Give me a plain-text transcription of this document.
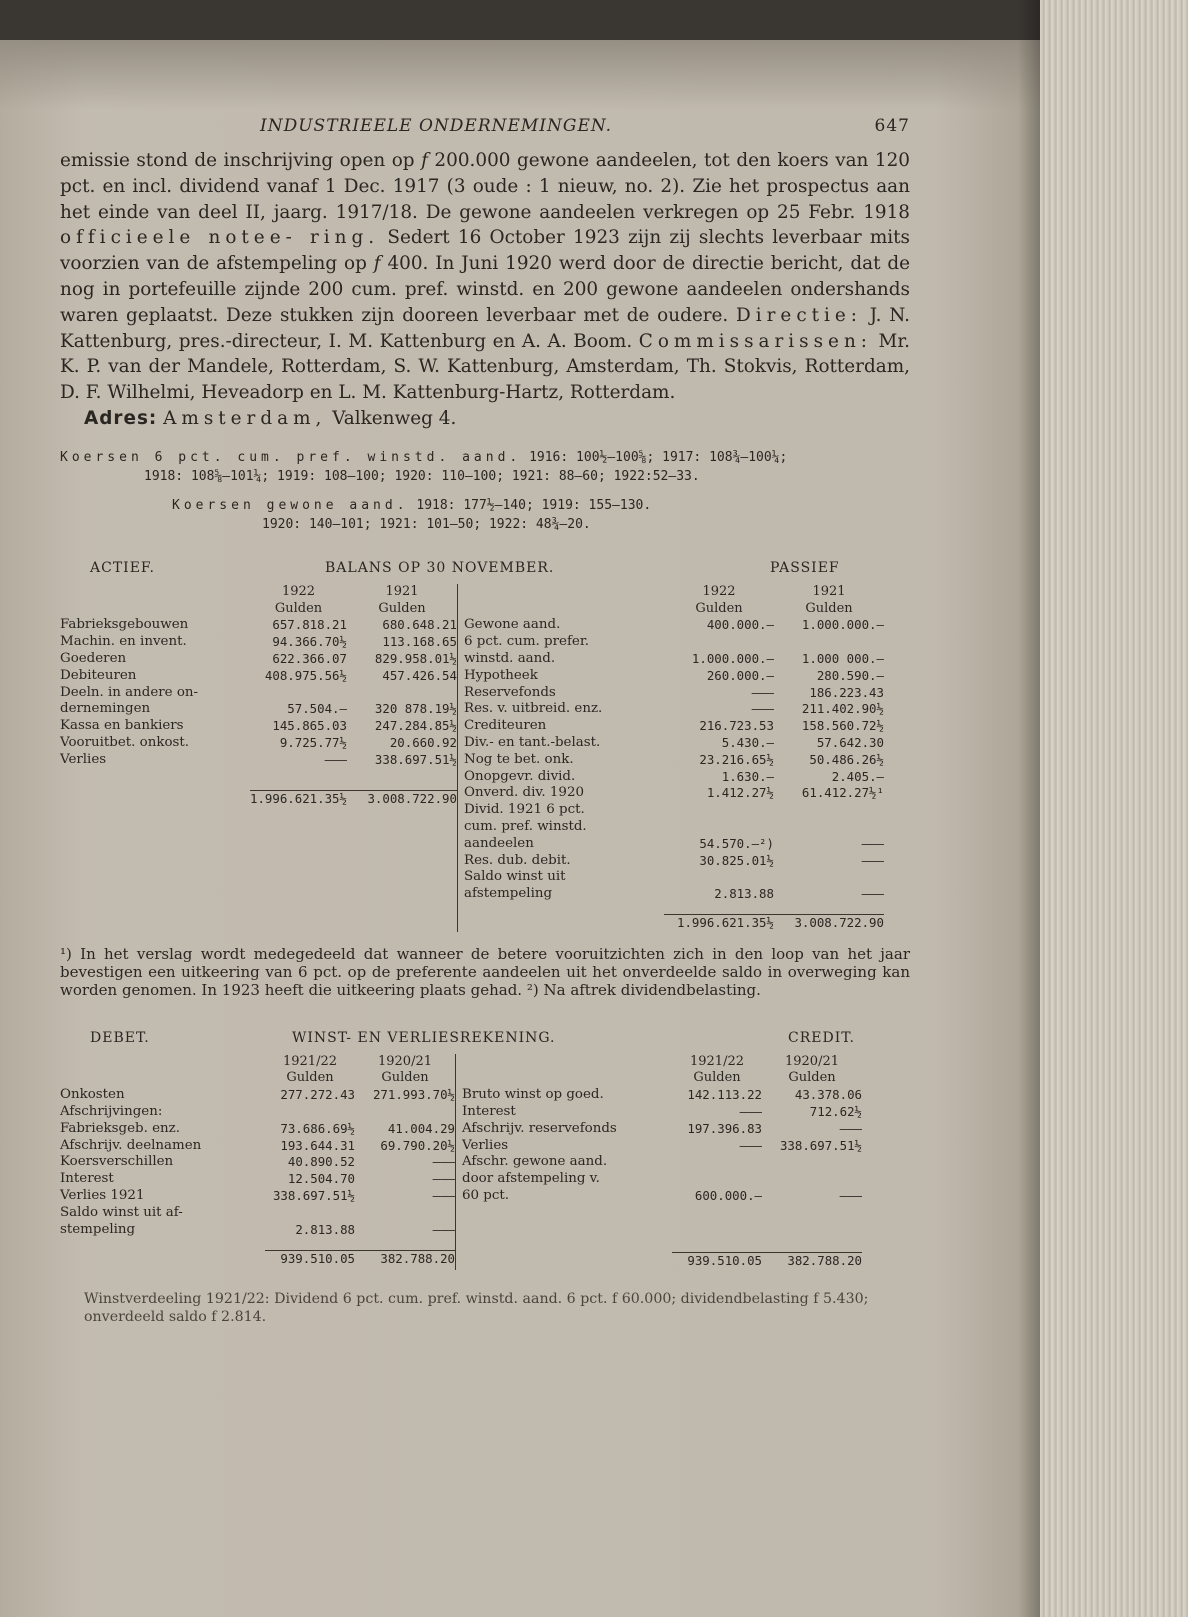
INDUSTRIEELE ONDERNEMINGEN.	647

emissie stond de inschrijving open op f 200.000 gewone aandeelen, tot den koers van 120 pct. en incl. dividend vanaf 1 Dec. 1917 (3 oude : 1 nieuw, no. 2). Zie het prospectus aan het einde van deel II, jaarg. 1917/18. De gewone aandeelen verkregen op 25 Febr. 1918 officieele notee- ring. Sedert 16 October 1923 zijn zij slechts leverbaar mits voorzien van de afstempeling op f 400. In Juni 1920 werd door de directie bericht, dat de nog in portefeuille zijnde 200 cum. pref. winstd. en 200 gewone aandeelen ondershands waren geplaatst. Deze stukken zijn dooreen leverbaar met de oudere. Directie: J. N. Kattenburg, pres.-directeur, I. M. Kattenburg en A. A. Boom. Commissarissen: Mr. K. P. van der Mandele, Rotterdam, S. W. Kattenburg, Amsterdam, Th. Stokvis, Rotterdam, D. F. Wilhelmi, Heveadorp en L. M. Kattenburg-Hartz, Rotterdam.

Adres: Amsterdam, Valkenweg 4.

Koersen 6 pct. cum. pref. winstd. aand. 1916: 100½—100⅝; 1917: 108¾—100¼;
1918: 108⅝—101¼; 1919: 108—100; 1920: 110—100; 1921: 88—60; 1922:52—33.
Koersen gewone aand. 1918: 177½—140; 1919: 155—130.
1920: 140—101; 1921: 101—50; 1922: 48¾—20.
ACTIEF.	BALANS OP 30 NOVEMBER.	PASSIEF
	1922	1921
	Gulden	Gulden
Fabrieksgebouwen	657.818.21	680.648.21
Machin. en invent.	94.366.70½	113.168.65
Goederen	622.366.07	829.958.01½
Debiteuren	408.975.56½	457.426.54
Deeln. in andere on-		
dernemingen	57.504.—	320 878.19½
Kassa en bankiers	145.865.03	247.284.85½
Vooruitbet. onkost.	9.725.77½	20.660.92
Verlies	———	338.697.51½

	1.996.621.35½	3.008.722.90

	1922	1921
	Gulden	Gulden
Gewone aand.	400.000.—	1.000.000.—
6 pct. cum. prefer.		
winstd. aand.	1.000.000.—	1.000 000.—
Hypotheek	260.000.—	280.590.—
Reservefonds	———	186.223.43
Res. v. uitbreid. enz.	———	211.402.90½
Crediteuren	216.723.53	158.560.72½
Div.- en tant.-belast.	5.430.—	57.642.30
Nog te bet. onk.	23.216.65½	50.486.26½
Onopgevr. divid.	1.630.—	2.405.—
Onverd. div. 1920	1.412.27½	61.412.27½¹
Divid. 1921 6 pct.		
cum. pref. winstd.		
aandeelen	54.570.—²)	———
Res. dub. debit.	30.825.01½	———
Saldo winst uit		
afstempeling	2.813.88	———

	1.996.621.35½	3.008.722.90
¹) In het verslag wordt medegedeeld dat wanneer de betere vooruitzichten zich in den loop van het jaar bevestigen een uitkeering van 6 pct. op de preferente aandeelen uit het onverdeelde saldo in overweging kan worden genomen. In 1923 heeft die uitkeering plaats gehad. ²) Na aftrek dividendbelasting.
DEBET.	WINST- EN VERLIESREKENING.	CREDIT.
	1921/22	1920/21
	Gulden	Gulden
Onkosten	277.272.43	271.993.70½
Afschrijvingen:		
Fabrieksgeb. enz.	73.686.69½	41.004.29
Afschrijv. deelnamen	193.644.31	69.790.20½
Koersverschillen	40.890.52	———
Interest	12.504.70	———
Verlies 1921	338.697.51½	———
Saldo winst uit af-		
stempeling	2.813.88	———

	939.510.05	382.788.20

	1921/22	1920/21
	Gulden	Gulden
Bruto winst op goed.	142.113.22	43.378.06
Interest	———	712.62½
Afschrijv. reservefonds	197.396.83	———
Verlies	———	338.697.51½
Afschr. gewone aand.		
door afstempeling v.		
60 pct.	600.000.—	———

	939.510.05	382.788.20
Winstverdeeling 1921/22: Dividend 6 pct. cum. pref. winstd. aand. 6 pct. f 60.000; dividendbelasting f 5.430; onverdeeld saldo f 2.814.
